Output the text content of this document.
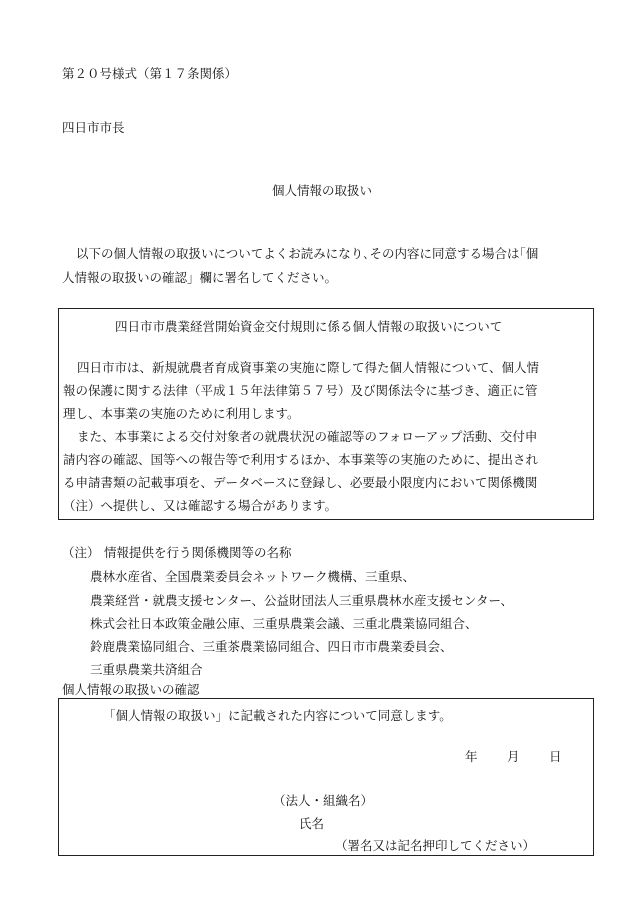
第２０号様式（第１７条関係）
四日市市長
個人情報の取扱い
以下の個人情報の取扱いについてよくお読みになり､その内容に同意する場合は｢個
人情報の取扱いの確認」欄に署名してください。
四日市市農業経営開始資金交付規則に係る個人情報の取扱いについて
四日市市は、新規就農者育成資事業の実施に際して得た個人情報について、個人情
報の保護に関する法律（平成１５年法律第５７号）及び関係法令に基づき、適正に管
理し、本事業の実施のために利用します。
また、本事業による交付対象者の就農状況の確認等のフォローアップ活動、交付申
請内容の確認、国等への報告等で利用するほか、本事業等の実施のために、提出され
る申請書類の記載事項を、データベースに登録し、必要最小限度内において関係機関
（注）へ提供し、又は確認する場合があります。
（注） 情報提供を行う関係機関等の名称
農林水産省、全国農業委員会ネットワーク機構、三重県、
農業経営・就農支援センター、公益財団法人三重県農林水産支援センター、
株式会社日本政策金融公庫、三重県農業会議、三重北農業協同組合、
鈴鹿農業協同組合、三重茶農業協同組合、四日市市農業委員会、
三重県農業共済組合
個人情報の取扱いの確認
「個人情報の取扱い」に記載された内容について同意します。
年 月 日
（法人・組織名）
氏名
（署名又は記名押印してください）
